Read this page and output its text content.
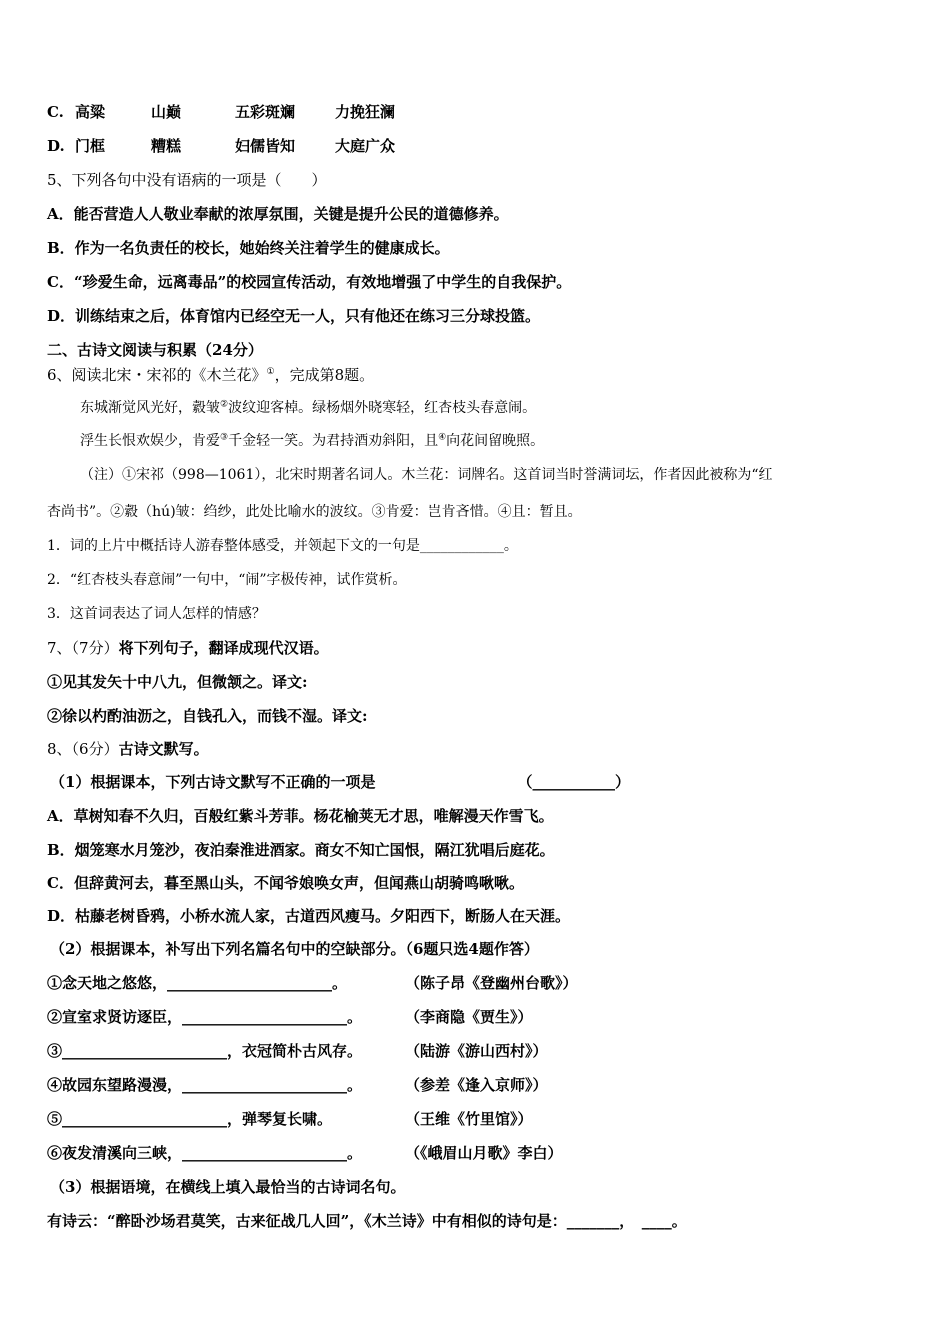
C. 高粱	山巅	五彩斑斓	力挽狂澜
D. 门框	糟糕	妇儒皆知	大庭广众
5、下列各句中没有语病的一项是（　　）
A．能否营造人人敬业奉献的浓厚氛围，关键是提升公民的道德修养。
B．作为一名负责任的校长，她始终关注着学生的健康成长。
C．“珍爱生命，远离毒品”的校园宣传活动，有效地增强了中学生的自我保护。
D．训练结束之后，体育馆内已经空无一人，只有他还在练习三分球投篮。
二、古诗文阅读与积累（24分）
6、阅读北宋・宋祁的《木兰花》①，完成第8题。
东城渐觉风光好，縠皱②波纹迎客棹。绿杨烟外晓寒轻，红杏枝头春意闹。
浮生长恨欢娱少，肯爱③千金轻一笑。为君持酒劝斜阳，且④向花间留晚照。
（注）①宋祁（998—1061），北宋时期著名词人。木兰花：词牌名。这首词当时誉满词坛，作者因此被称为“红
杏尚书”。②縠（hú)皱：绉纱，此处比喻水的波纹。③肯爱：岂肯吝惜。④且：暂且。
1．词的上片中概括诗人游春整体感受，并领起下文的一句是____________。
2．“红杏枝头春意闹”一句中，“闹”字极传神，试作赏析。
3．这首词表达了词人怎样的情感？
7、（7分）将下列句子，翻译成现代汉语。
①见其发矢十中八九，但微颔之。译文:
②徐以杓酌油沥之，自钱孔入，而钱不湿。译文:
8、（6分）古诗文默写。
（1）根据课本，下列古诗文默写不正确的一项是	（___________）
A．草树知春不久归，百般红紫斗芳菲。杨花榆荚无才思，唯解漫天作雪飞。
B．烟笼寒水月笼沙，夜泊秦淮进酒家。商女不知亡国恨，隔江犹唱后庭花。
C．但辞黄河去，暮至黑山头，不闻爷娘唤女声，但闻燕山胡骑鸣啾啾。
D．枯藤老树昏鸦，小桥水流人家，古道西风瘦马。夕阳西下，断肠人在天涯。
（2）根据课本，补写出下列名篇名句中的空缺部分。（6题只选4题作答）
①念天地之悠悠，______________________。	（陈子昂《登幽州台歌》）
②宣室求贤访逐臣，______________________。	（李商隐《贾生》）
③______________________，衣冠简朴古风存。	（陆游《游山西村》）
④故园东望路漫漫，______________________。	（参差《逢入京师》）
⑤______________________，弹琴复长啸。	（王维《竹里馆》）
⑥夜发清溪向三峡，______________________。	（《峨眉山月歌》李白）
（3）根据语境，在横线上填入最恰当的古诗词名句。
有诗云：“醉卧沙场君莫笑，古来征战几人回”，《木兰诗》中有相似的诗句是：_______，　____。
